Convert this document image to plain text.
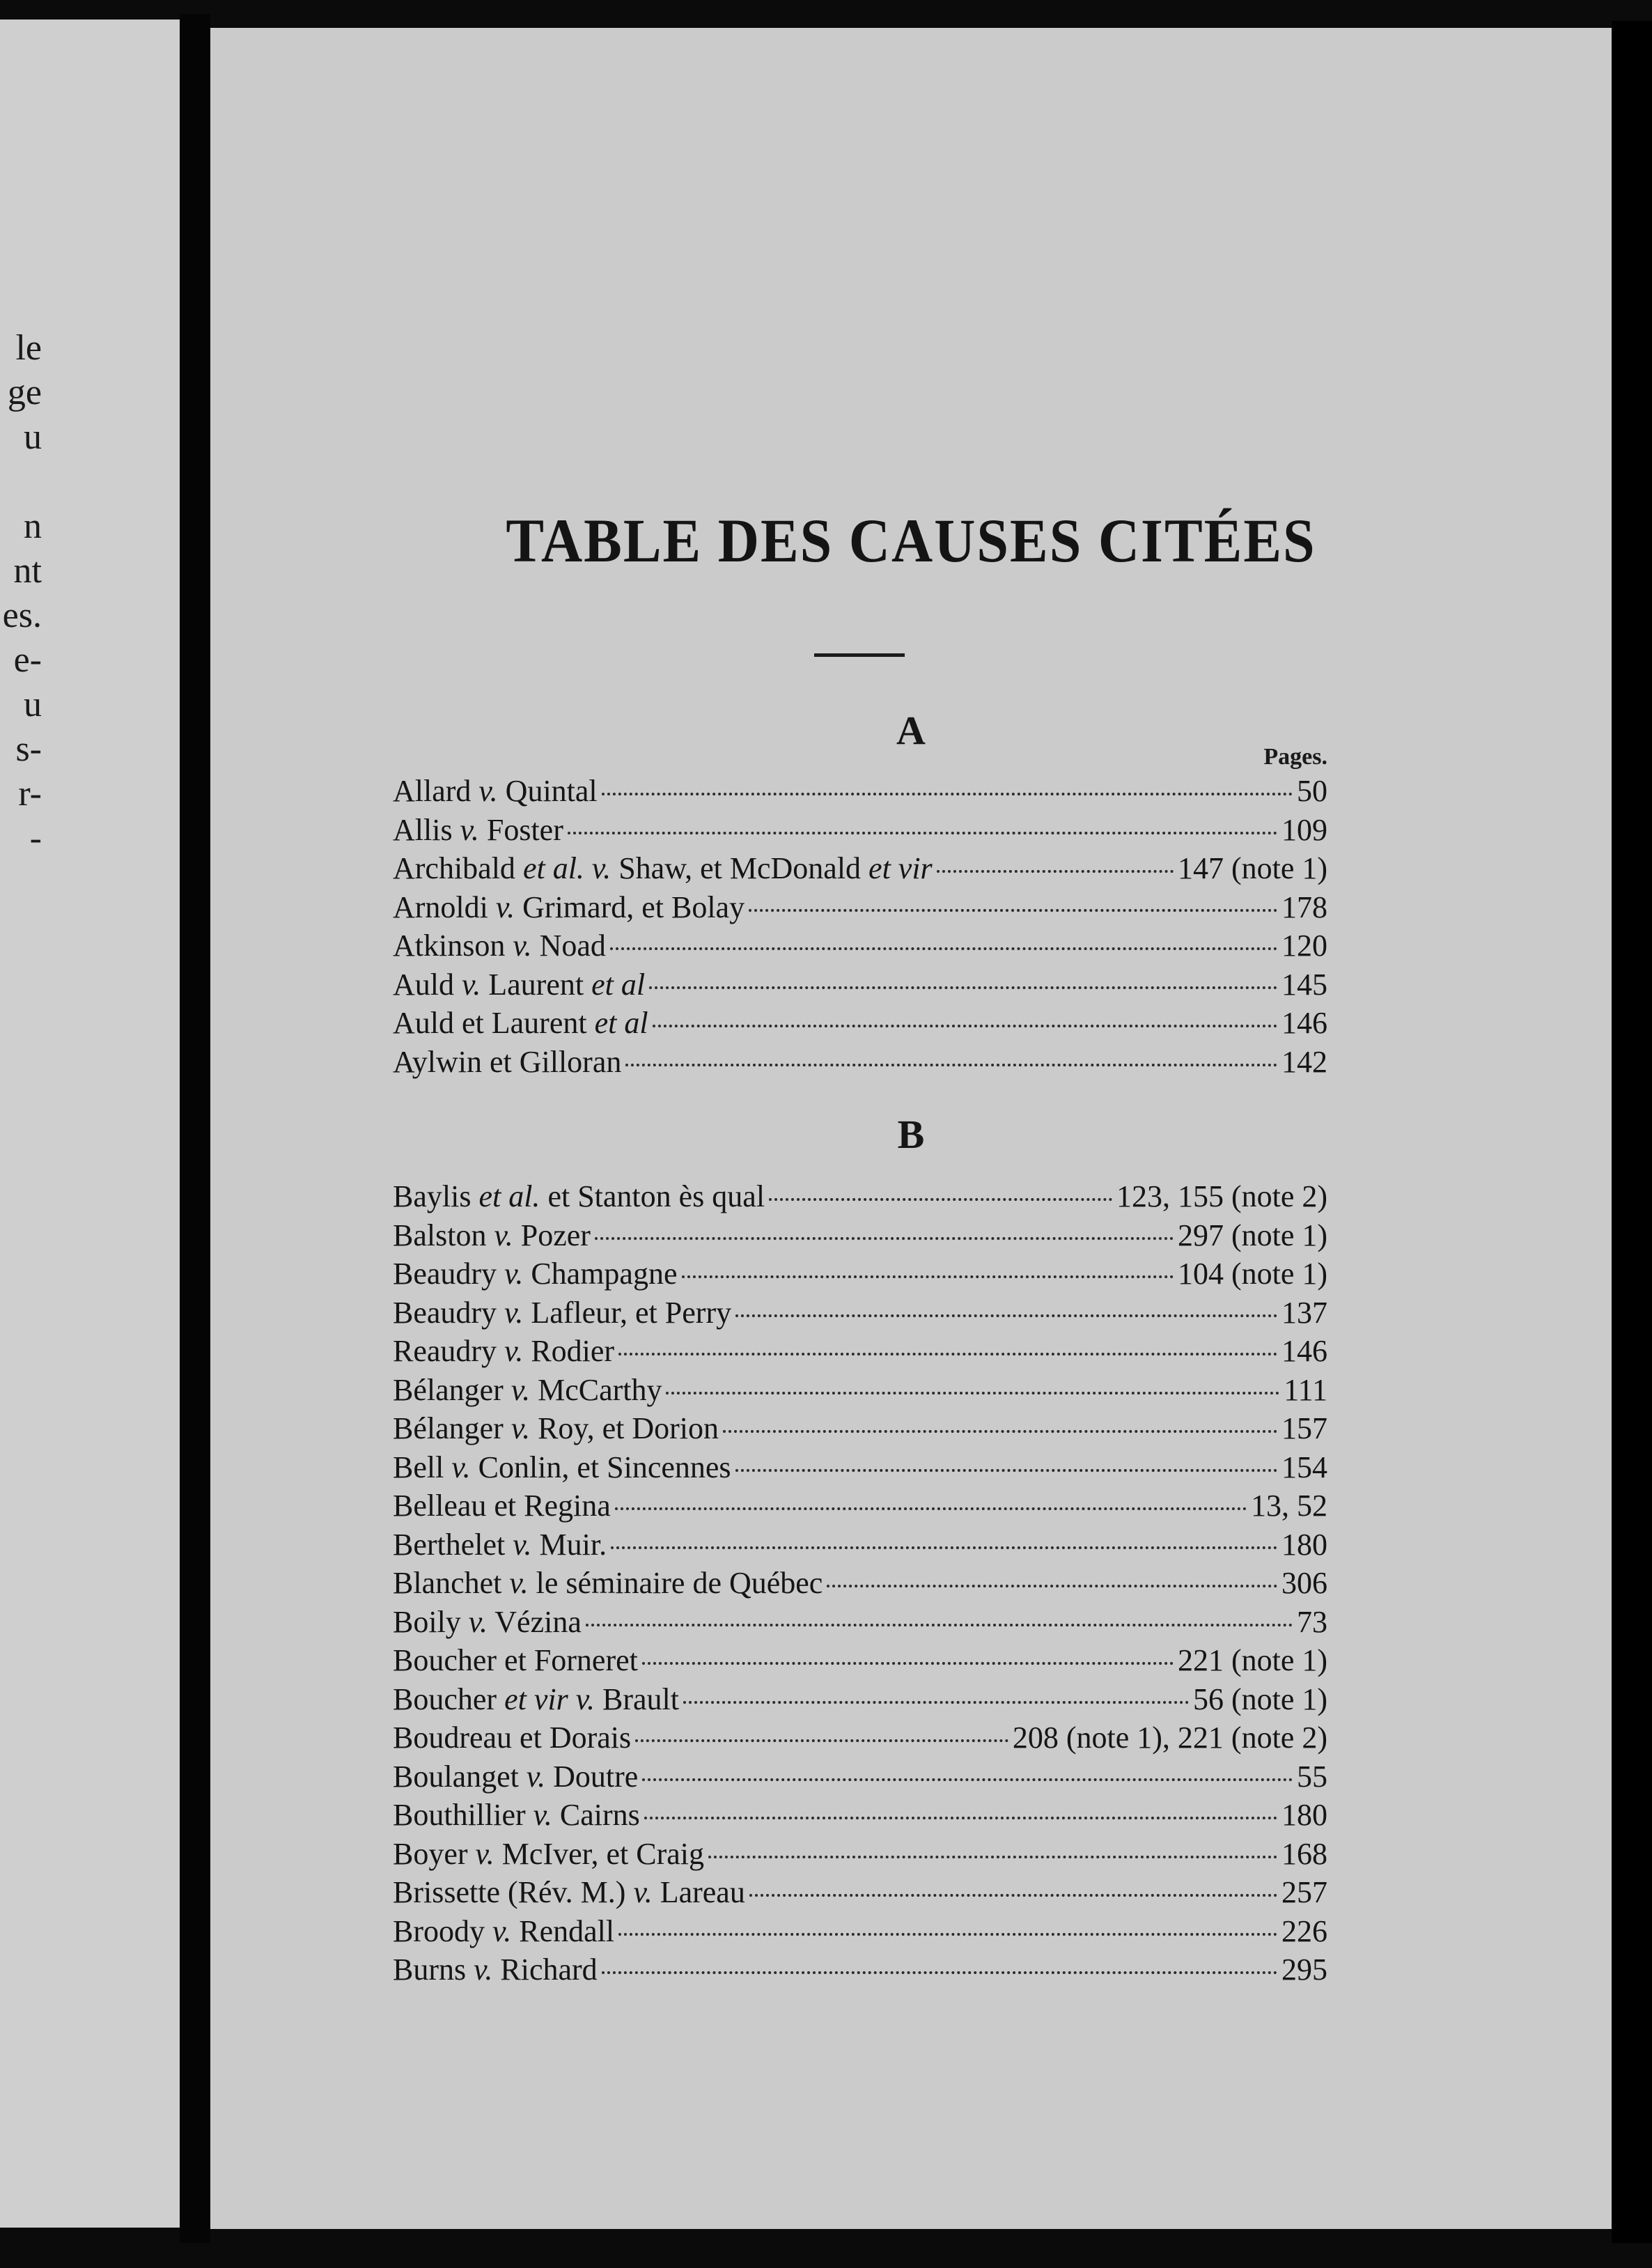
le
ge
u
n
nt
es.
e-
u
s-
r-
-
TABLE DES CAUSES CITÉES
A
Pages.
Allard v. Quintal	50
Allis v. Foster	109
Archibald et al. v. Shaw, et McDonald et vir	147 (note 1)
Arnoldi v. Grimard, et Bolay	178
Atkinson v. Noad	120
Auld v. Laurent et al	145
Auld et Laurent et al	146
Aylwin et Gilloran	142
B
Baylis et al. et Stanton ès qual	123, 155 (note 2)
Balston v. Pozer	297 (note 1)
Beaudry v. Champagne	104 (note 1)
Beaudry v. Lafleur, et Perry	137
Reaudry v. Rodier	146
Bélanger v. McCarthy	111
Bélanger v. Roy, et Dorion	157
Bell v. Conlin, et Sincennes	154
Belleau et Regina	13, 52
Berthelet v. Muir.	180
Blanchet v. le séminaire de Québec	306
Boily v. Vézina	73
Boucher et Forneret	221 (note 1)
Boucher et vir v. Brault	56 (note 1)
Boudreau et Dorais	208 (note 1), 221 (note 2)
Boulanget v. Doutre	55
Bouthillier v. Cairns	180
Boyer v. McIver, et Craig	168
Brissette (Rév. M.) v. Lareau	257
Broody v. Rendall	226
Burns v. Richard	295
